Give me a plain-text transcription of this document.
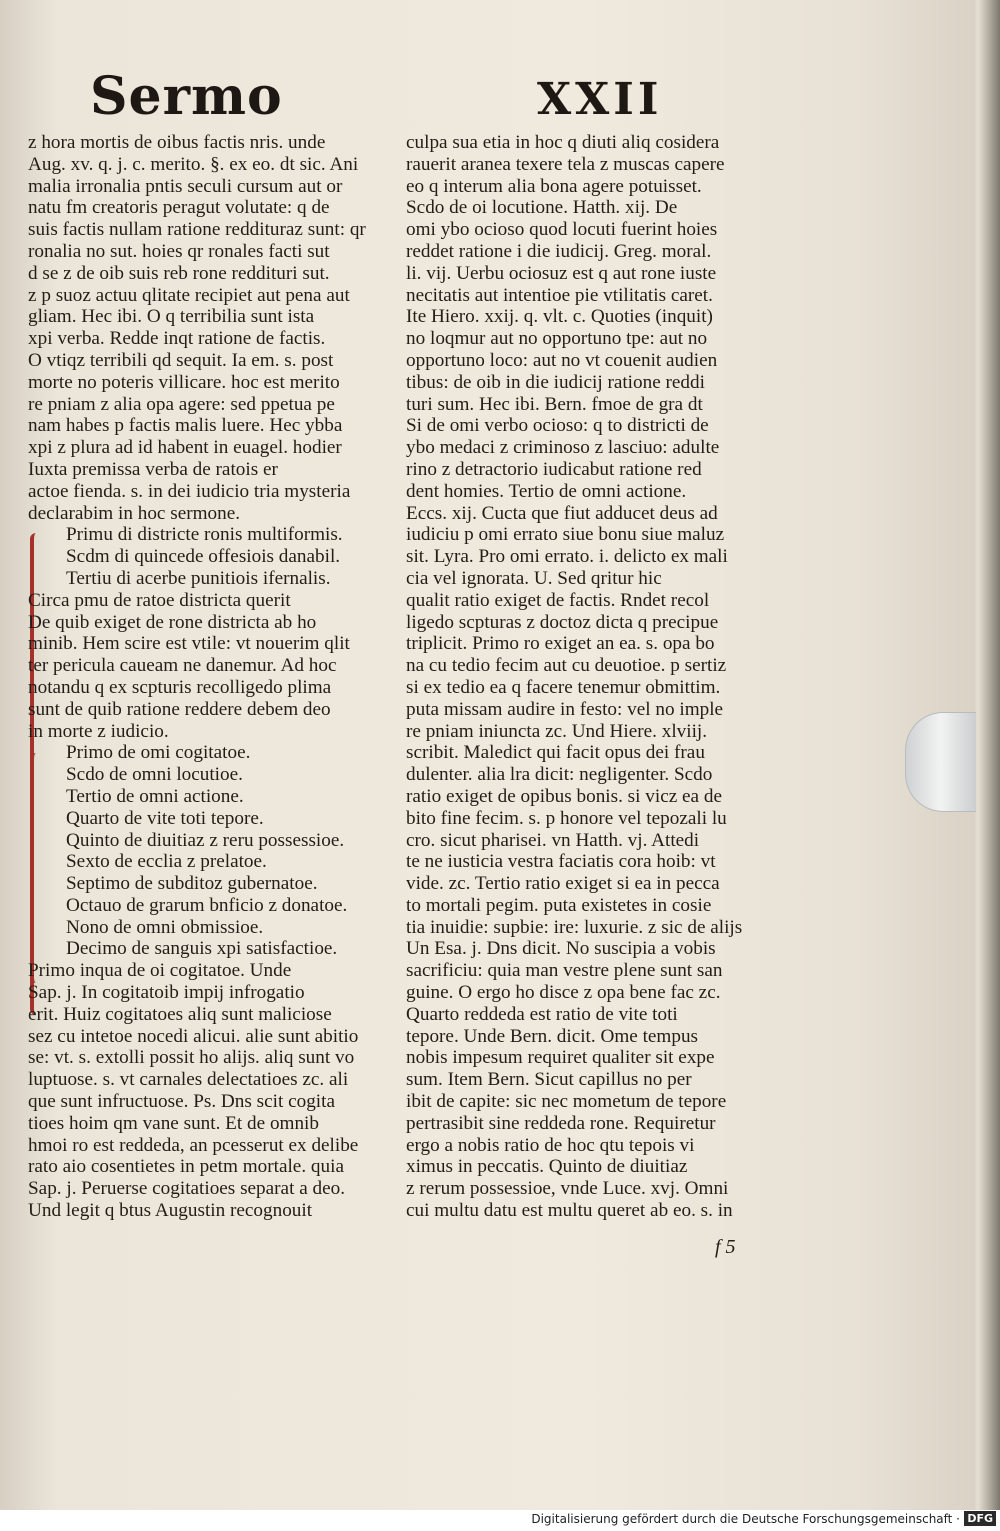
Sermo	XXII
z hora mortis de oibus factis nris. unde
Aug. xv. q. j. c. merito. §. ex eo. dt sic. Ani
malia irronalia pntis seculi cursum aut or
natu fm creatoris peragut volutate: q de
suis factis nullam ratione reddituraz sunt: qr
ronalia no sut. hoies qr ronales facti sut
d se z de oib suis reb rone reddituri sut.
z p suoz actuu qlitate recipiet aut pena aut
gliam. Hec ibi. O q terribilia sunt ista
xpi verba. Redde inqt ratione de factis.
O vtiqz terribili qd sequit. Ia em. s. post
morte no poteris villicare. hoc est merito
re pniam z alia opa agere: sed ppetua pe
nam habes p factis malis luere. Hec ybba
xpi z plura ad id habent in euagel. hodier
Iuxta premissa verba de ratois er
actoe fienda. s. in dei iudicio tria mysteria
declarabim in hoc sermone.
Primu di districte ronis multiformis.
Scdm di quincede offesiois danabil.
Tertiu di acerbe punitiois ifernalis.
Circa pmu de ratoe districta querit
De quib exiget de rone districta ab ho
minib. Hem scire est vtile: vt nouerim qlit
ter pericula caueam ne danemur. Ad hoc
notandu q ex scpturis recolligedo plima
sunt de quib ratione reddere debem deo
in morte z iudicio.
Primo de omi cogitatoe.
Scdo de omni locutioe.
Tertio de omni actione.
Quarto de vite toti tepore.
Quinto de diuitiaz z reru possessioe.
Sexto de ecclia z prelatoe.
Septimo de subditoz gubernatoe.
Octauo de grarum bnficio z donatoe.
Nono de omni obmissioe.
Decimo de sanguis xpi satisfactioe.
Primo inqua de oi cogitatoe. Unde
Sap. j. In cogitatoib impij infrogatio
erit. Huiz cogitatoes aliq sunt maliciose
sez cu intetoe nocedi alicui. alie sunt abitio
se: vt. s. extolli possit ho alijs. aliq sunt vo
luptuose. s. vt carnales delectatioes zc. ali
que sunt infructuose. Ps. Dns scit cogita
tioes hoim qm vane sunt. Et de omnib
hmoi ro est reddeda, an pcesserut ex delibe
rato aio cosentietes in petm mortale. quia
Sap. j. Peruerse cogitatioes separat a deo.
Und legit q btus Augustin recognouit
culpa sua etia in hoc q diuti aliq cosidera
rauerit aranea texere tela z muscas capere
eo q interum alia bona agere potuisset.
Scdo de oi locutione. Hatth. xij. De
omi ybo ocioso quod locuti fuerint hoies
reddet ratione i die iudicij. Greg. moral.
li. vij. Uerbu ociosuz est q aut rone iuste
necitatis aut intentioe pie vtilitatis caret.
Ite Hiero. xxij. q. vlt. c. Quoties (inquit)
no loqmur aut no opportuno tpe: aut no
opportuno loco: aut no vt couenit audien
tibus: de oib in die iudicij ratione reddi
turi sum. Hec ibi. Bern. fmoe de gra dt
Si de omi verbo ocioso: q to districti de
ybo medaci z criminoso z lasciuo: adulte
rino z detractorio iudicabut ratione red
dent homies. Tertio de omni actione.
Eccs. xij. Cucta que fiut adducet deus ad
iudiciu p omi errato siue bonu siue maluz
sit. Lyra. Pro omi errato. i. delicto ex mali
cia vel ignorata. U. Sed qritur hic
qualit ratio exiget de factis. Rndet recol
ligedo scpturas z doctoz dicta q precipue
triplicit. Primo ro exiget an ea. s. opa bo
na cu tedio fecim aut cu deuotioe. p sertiz
si ex tedio ea q facere tenemur obmittim.
puta missam audire in festo: vel no imple
re pniam iniuncta zc. Und Hiere. xlviij.
scribit. Maledict qui facit opus dei frau
dulenter. alia lra dicit: negligenter. Scdo
ratio exiget de opibus bonis. si vicz ea de
bito fine fecim. s. p honore vel tepozali lu
cro. sicut pharisei. vn Hatth. vj. Attedi
te ne iusticia vestra faciatis cora hoib: vt
vide. zc. Tertio ratio exiget si ea in pecca
to mortali pegim. puta existetes in cosie
tia inuidie: supbie: ire: luxurie. z sic de alijs
Un Esa. j. Dns dicit. No suscipia a vobis
sacrificiu: quia man vestre plene sunt san
guine. O ergo ho disce z opa bene fac zc.
Quarto reddeda est ratio de vite toti
tepore. Unde Bern. dicit. Ome tempus
nobis impesum requiret qualiter sit expe
sum. Item Bern. Sicut capillus no per
ibit de capite: sic nec mometum de tepore
pertrasibit sine reddeda rone. Requiretur
ergo a nobis ratio de hoc qtu tepois vi
ximus in peccatis. Quinto de diuitiaz
z rerum possessioe, vnde Luce. xvj. Omni
cui multu datu est multu queret ab eo. s. in
f 5
Digitalisierung gefördert durch die Deutsche Forschungsgemeinschaft · DFG
